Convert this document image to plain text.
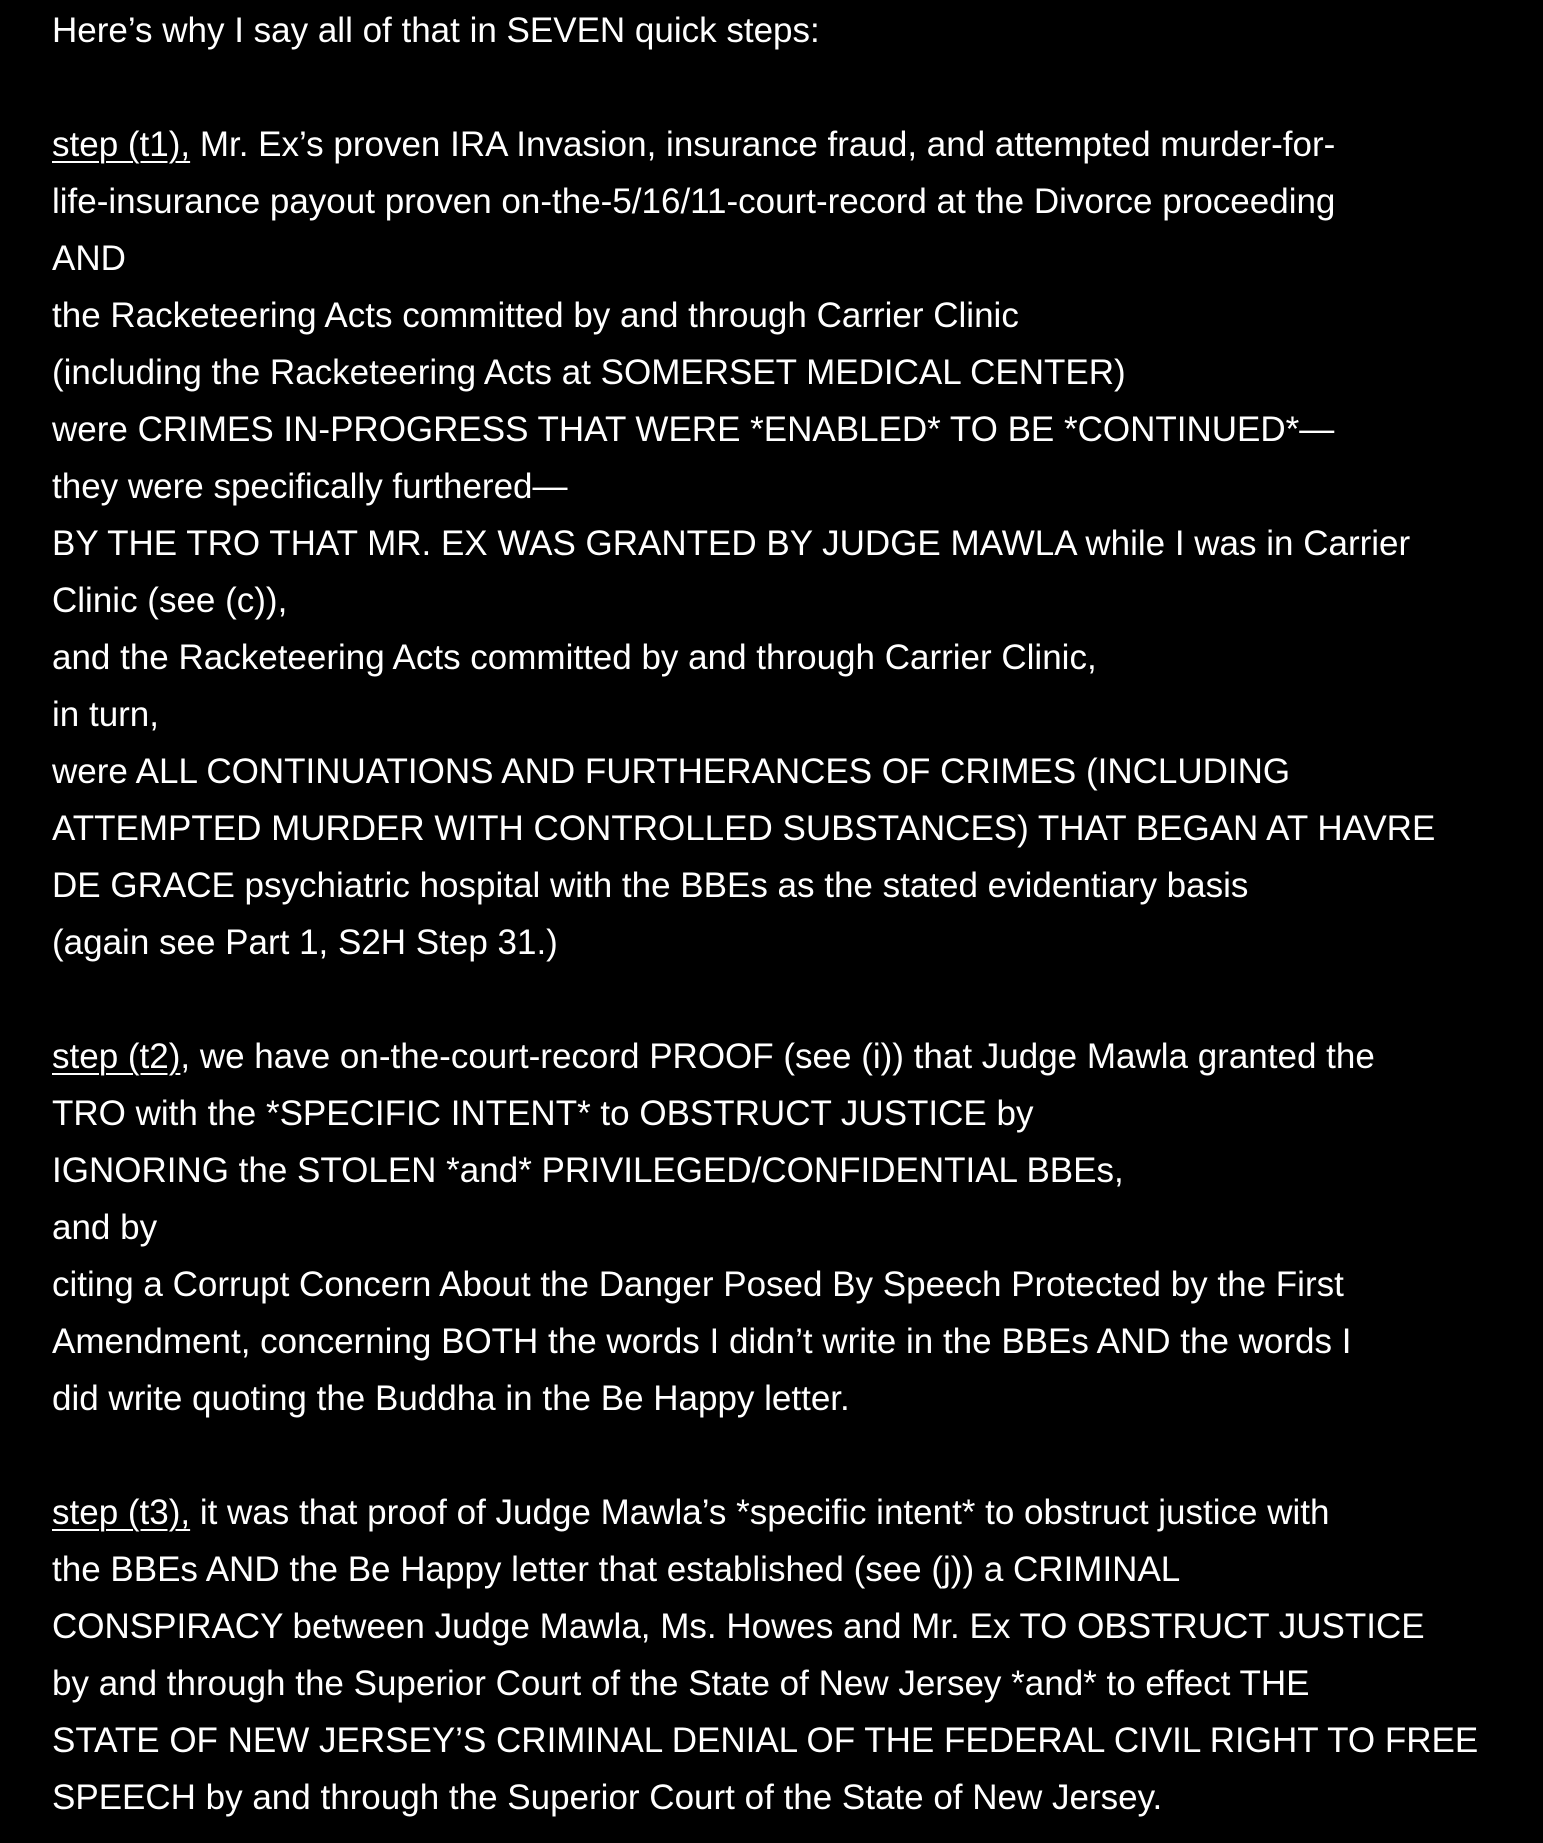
Here’s why I say all of that in SEVEN quick steps:
step (t1), Mr. Ex’s proven IRA Invasion, insurance fraud, and attempted murder-for-
life-insurance payout proven on-the-5/16/11-court-record at the Divorce proceeding
AND
the Racketeering Acts committed by and through Carrier Clinic
(including the Racketeering Acts at SOMERSET MEDICAL CENTER)
were CRIMES IN-PROGRESS THAT WERE *ENABLED* TO BE *CONTINUED*—
they were specifically furthered—
BY THE TRO THAT MR. EX WAS GRANTED BY JUDGE MAWLA while I was in Carrier
Clinic (see (c)),
and the Racketeering Acts committed by and through Carrier Clinic,
in turn,
were ALL CONTINUATIONS AND FURTHERANCES OF CRIMES (INCLUDING
ATTEMPTED MURDER WITH CONTROLLED SUBSTANCES) THAT BEGAN AT HAVRE
DE GRACE psychiatric hospital with the BBEs as the stated evidentiary basis
(again see Part 1, S2H Step 31.)
step (t2), we have on-the-court-record PROOF (see (i)) that Judge Mawla granted the
TRO with the *SPECIFIC INTENT* to OBSTRUCT JUSTICE by
IGNORING the STOLEN *and* PRIVILEGED/CONFIDENTIAL BBEs,
and by
citing a Corrupt Concern About the Danger Posed By Speech Protected by the First
Amendment, concerning BOTH the words I didn’t write in the BBEs AND the words I
did write quoting the Buddha in the Be Happy letter.
step (t3), it was that proof of Judge Mawla’s *specific intent* to obstruct justice with
the BBEs AND the Be Happy letter that established (see (j)) a CRIMINAL
CONSPIRACY between Judge Mawla, Ms. Howes and Mr. Ex TO OBSTRUCT JUSTICE
by and through the Superior Court of the State of New Jersey *and* to effect THE
STATE OF NEW JERSEY’S CRIMINAL DENIAL OF THE FEDERAL CIVIL RIGHT TO FREE
SPEECH by and through the Superior Court of the State of New Jersey.
